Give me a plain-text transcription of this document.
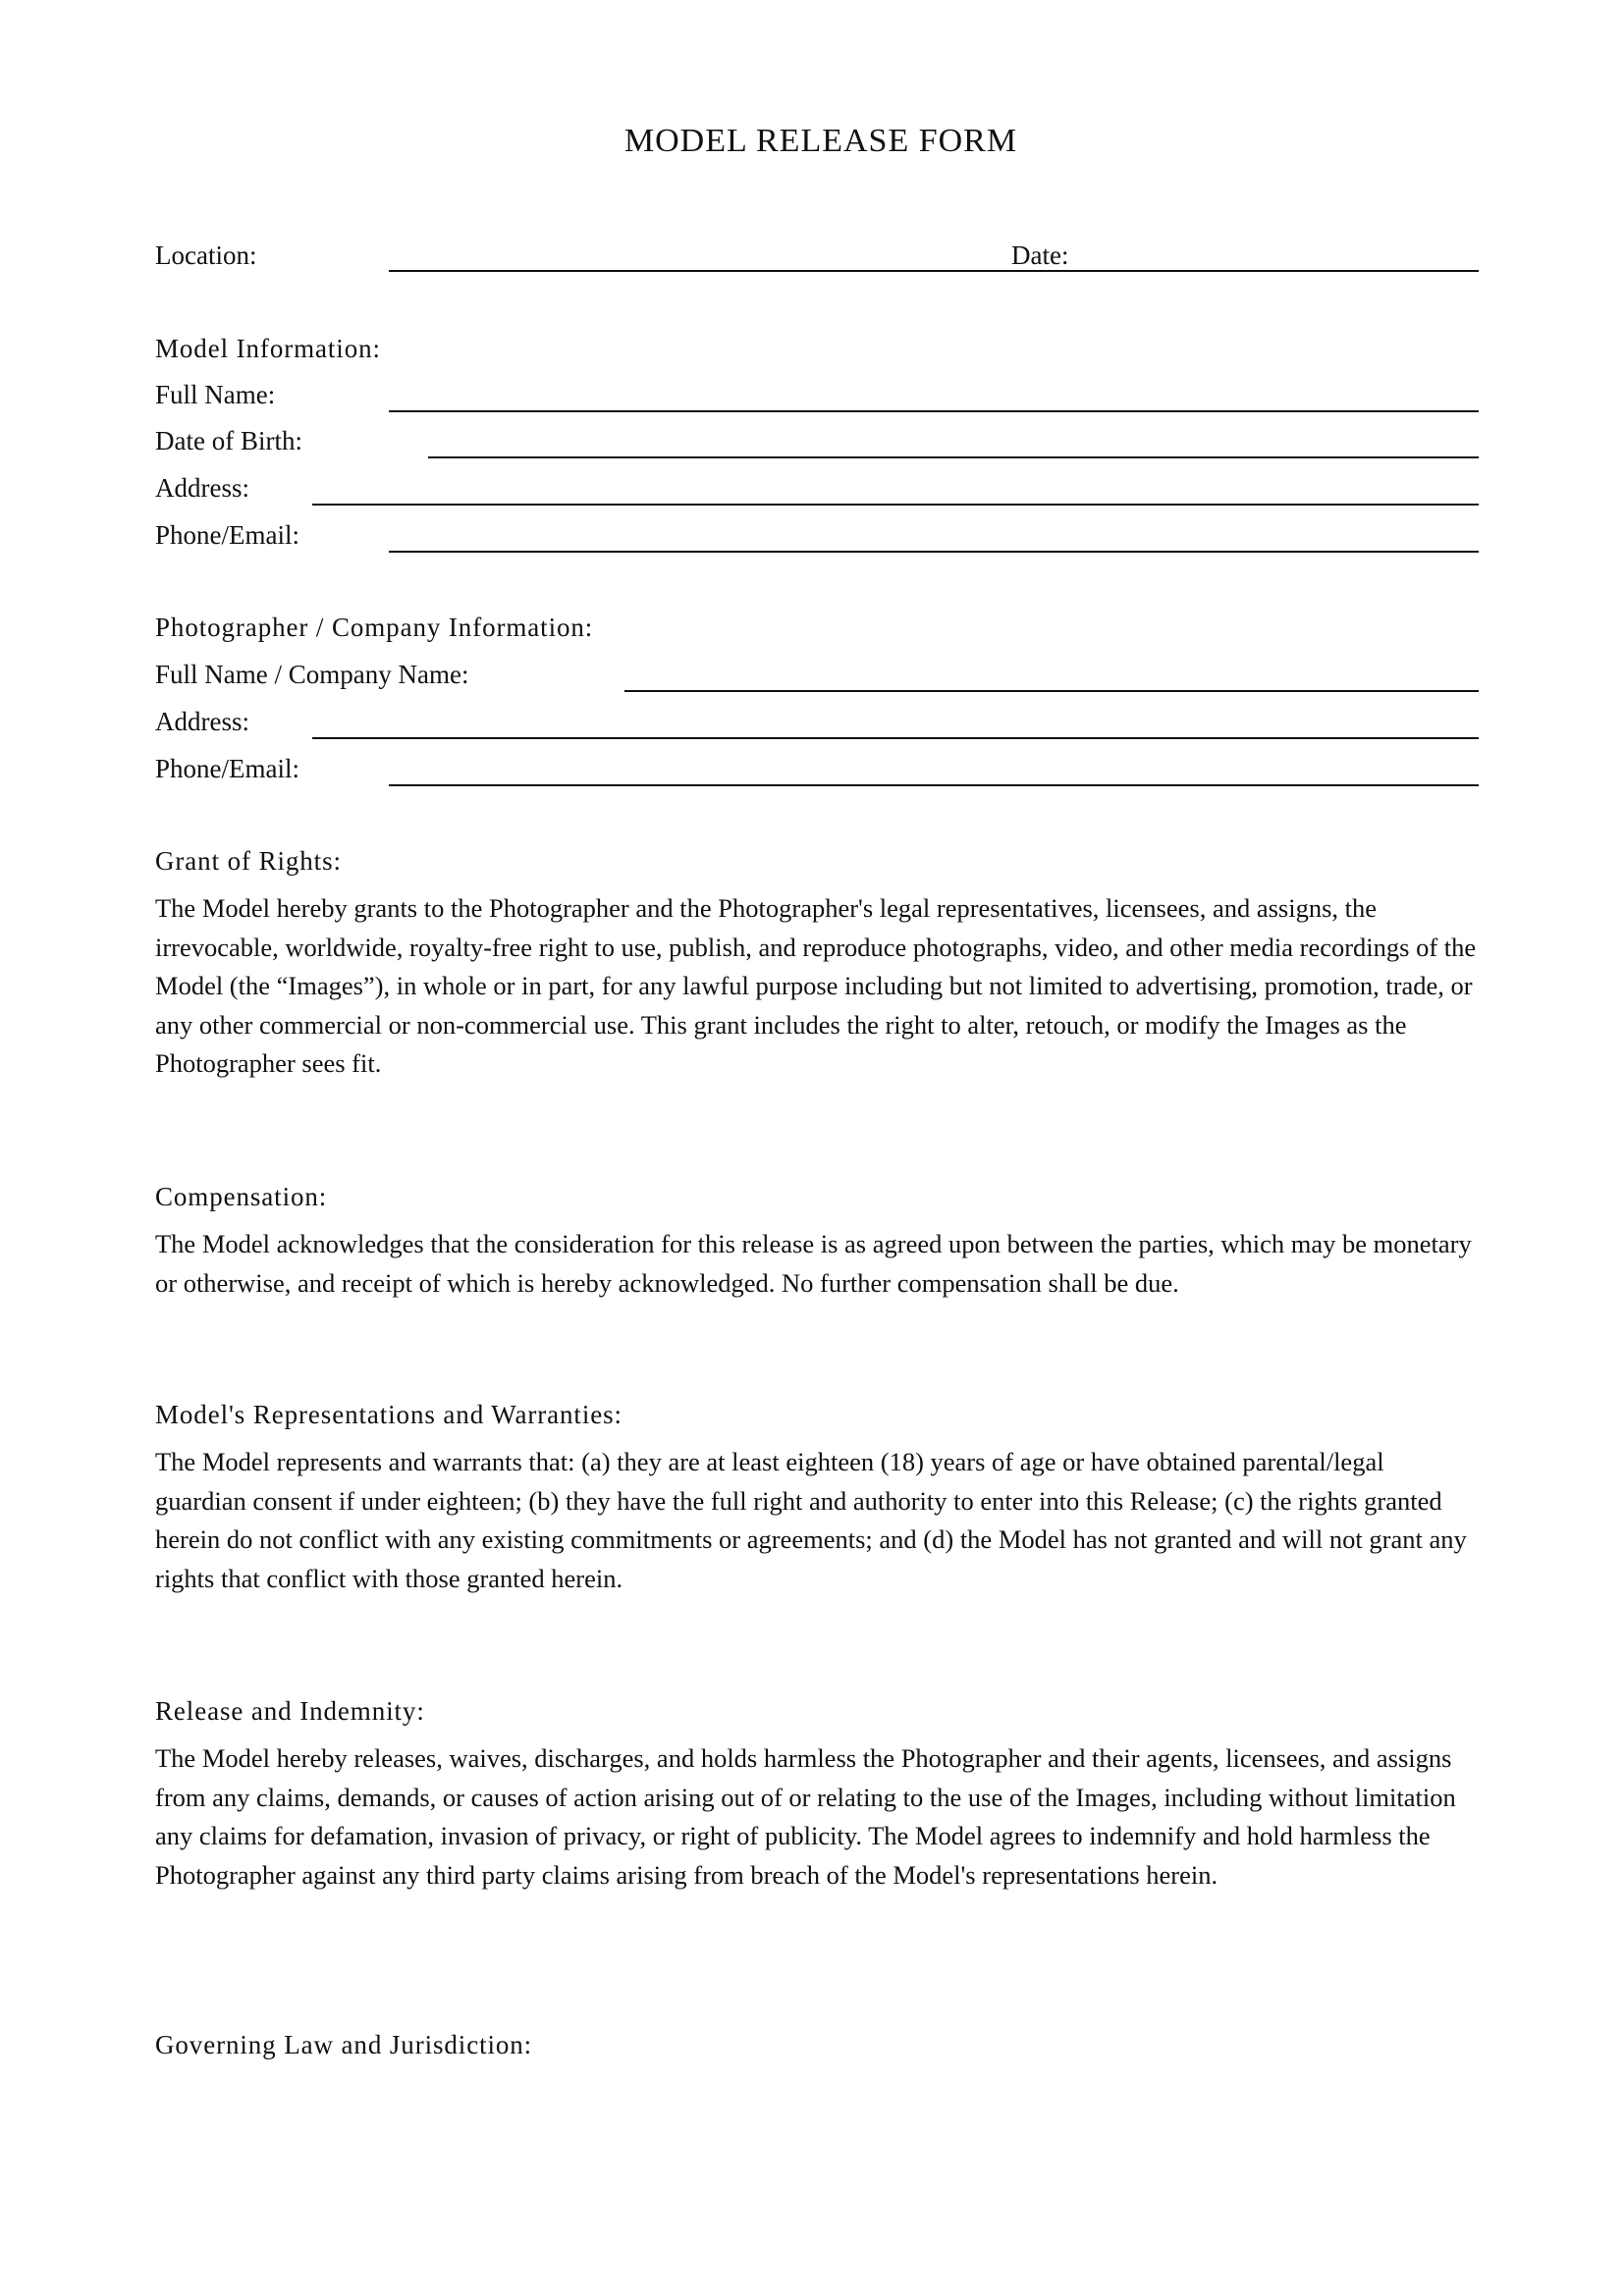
MODEL RELEASE FORM
Location:	Date:
Model Information:
Full Name:
Date of Birth:
Address:
Phone/Email:
Photographer / Company Information:
Full Name / Company Name:
Address:
Phone/Email:
Grant of Rights:
The Model hereby grants to the Photographer and the Photographer's legal representatives, licensees, and assigns, the irrevocable, worldwide, royalty-free right to use, publish, and reproduce photographs, video, and other media recordings of the Model (the “Images”), in whole or in part, for any lawful purpose including but not limited to advertising, promotion, trade, or any other commercial or non-commercial use. This grant includes the right to alter, retouch, or modify the Images as the Photographer sees fit.
Compensation:
The Model acknowledges that the consideration for this release is as agreed upon between the parties, which may be monetary or otherwise, and receipt of which is hereby acknowledged. No further compensation shall be due.
Model's Representations and Warranties:
The Model represents and warrants that: (a) they are at least eighteen (18) years of age or have obtained parental/legal guardian consent if under eighteen; (b) they have the full right and authority to enter into this Release; (c) the rights granted herein do not conflict with any existing commitments or agreements; and (d) the Model has not granted and will not grant any rights that conflict with those granted herein.
Release and Indemnity:
The Model hereby releases, waives, discharges, and holds harmless the Photographer and their agents, licensees, and assigns from any claims, demands, or causes of action arising out of or relating to the use of the Images, including without limitation any claims for defamation, invasion of privacy, or right of publicity. The Model agrees to indemnify and hold harmless the Photographer against any third party claims arising from breach of the Model's representations herein.
Governing Law and Jurisdiction:
